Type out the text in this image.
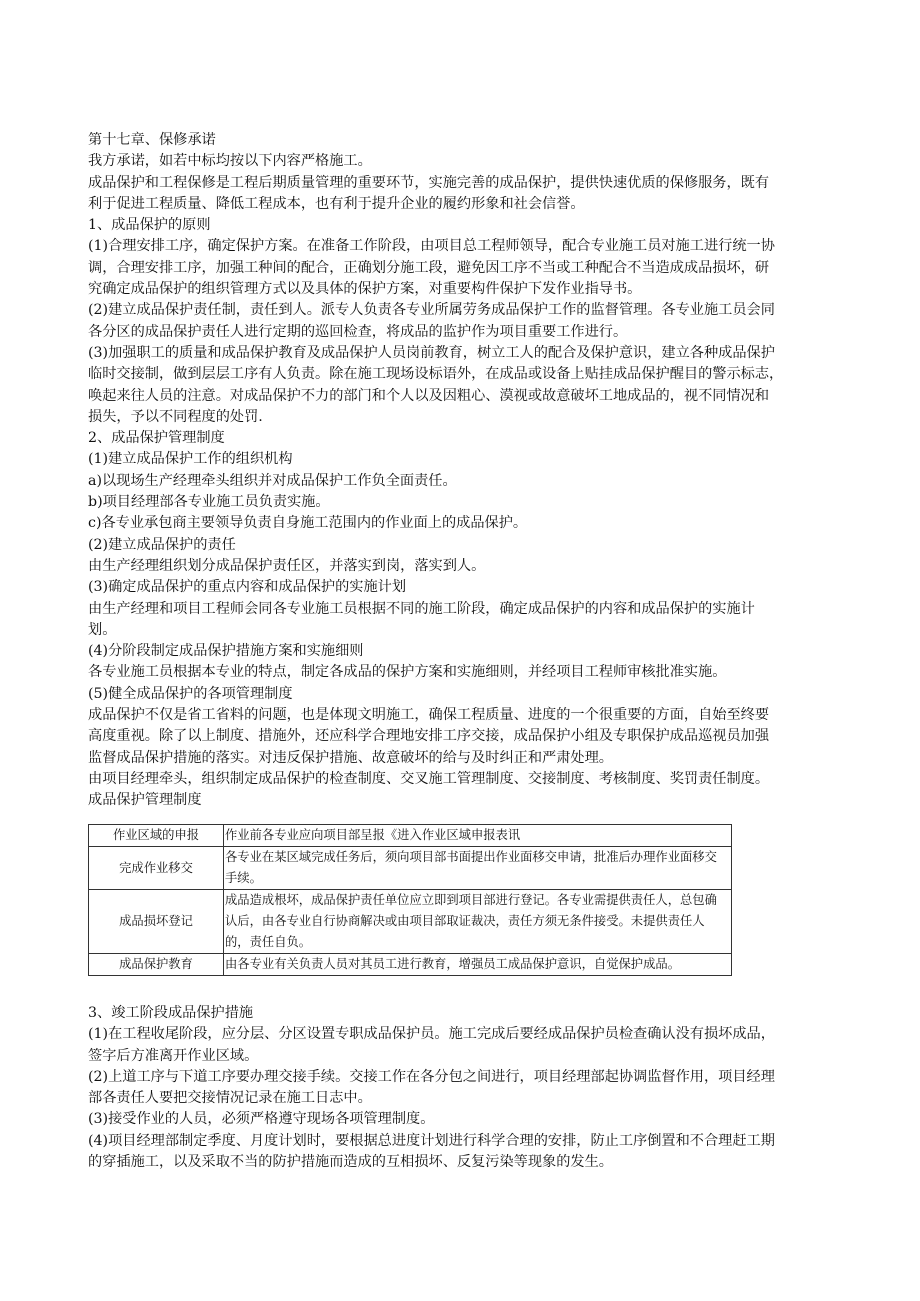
第十七章、保修承诺
我方承诺，如若中标均按以下内容严格施工。
成品保护和工程保修是工程后期质量管理的重要环节，实施完善的成品保护，提供快速优质的保修服务，既有
利于促进工程质量、降低工程成本，也有利于提升企业的履约形象和社会信誉。
1、成品保护的原则
(1)合理安排工序，确定保护方案。在准备工作阶段，由项目总工程师领导，配合专业施工员对施工进行统一协
调，合理安排工序，加强工种间的配合，正确划分施工段，避免因工序不当或工种配合不当造成成品损坏，研
究确定成品保护的组织管理方式以及具体的保护方案，对重要构件保护下发作业指导书。
(2)建立成品保护责任制，责任到人。派专人负责各专业所属劳务成品保护工作的监督管理。各专业施工员会同
各分区的成品保护责任人进行定期的巡回检查，将成品的监护作为项目重要工作进行。
(3)加强职工的质量和成品保护教育及成品保护人员岗前教育，树立工人的配合及保护意识，建立各种成品保护
临时交接制，做到层层工序有人负责。除在施工现场设标语外，在成品或设备上贴挂成品保护醒目的警示标志，
唤起来往人员的注意。对成品保护不力的部门和个人以及因粗心、漠视或故意破坏工地成品的，视不同情况和
损失，予以不同程度的处罚.
2、成品保护管理制度
(1)建立成品保护工作的组织机构
a)以现场生产经理牵头组织并对成品保护工作负全面责任。
b)项目经理部各专业施工员负责实施。
c)各专业承包商主要领导负责自身施工范围内的作业面上的成品保护。
(2)建立成品保护的责任
由生产经理组织划分成品保护责任区，并落实到岗，落实到人。
(3)确定成品保护的重点内容和成品保护的实施计划
由生产经理和项目工程师会同各专业施工员根据不同的施工阶段，确定成品保护的内容和成品保护的实施计
划。
(4)分阶段制定成品保护措施方案和实施细则
各专业施工员根据本专业的特点，制定各成品的保护方案和实施细则，并经项目工程师审核批准实施。
(5)健全成品保护的各项管理制度
成品保护不仅是省工省料的问题，也是体现文明施工，确保工程质量、进度的一个很重要的方面，自始至终要
高度重视。除了以上制度、措施外，还应科学合理地安排工序交接，成品保护小组及专职保护成品巡视员加强
监督成品保护措施的落实。对违反保护措施、故意破坏的给与及时纠正和严肃处理。
由项目经理牵头，组织制定成品保护的检查制度、交叉施工管理制度、交接制度、考核制度、奖罚责任制度。
成品保护管理制度
作业区域的申报	作业前各专业应向项目部呈报《进入作业区域申报表讯
完成作业移交	各专业在某区域完成任务后，须向项目部书面提出作业面移交申请，批准后办理作业面移交手续。
成品损坏登记	成品造成根坏，成品保护责任单位应立即到项目部进行登记。各专业需提供责任人，总包确认后，由各专业自行协商解决或由项目部取证裁决，责任方须无条件接受。未提供责任人的，责任自负。
成品保护教育	由各专业有关负责人员对其员工进行教育，增强员工成品保护意识，自觉保护成品。
3、竣工阶段成品保护措施
(1)在工程收尾阶段，应分层、分区设置专职成品保护员。施工完成后要经成品保护员检查确认没有损坏成品，
签字后方准离开作业区域。
(2)上道工序与下道工序要办理交接手续。交接工作在各分包之间进行，项目经理部起协调监督作用，项目经理
部各责任人要把交接情况记录在施工日志中。
(3)接受作业的人员，必须严格遵守现场各项管理制度。
(4)项目经理部制定季度、月度计划时，要根据总进度计划进行科学合理的安排，防止工序倒置和不合理赶工期
的穿插施工，以及采取不当的防护措施而造成的互相损坏、反复污染等现象的发生。
